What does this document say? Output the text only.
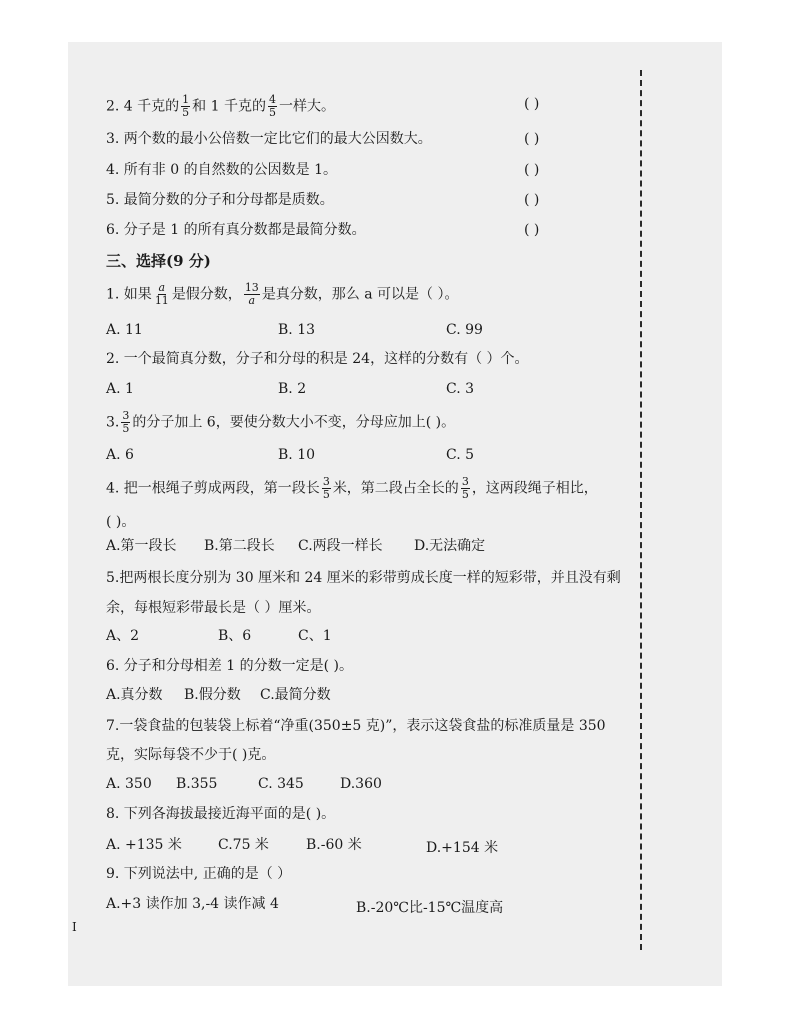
2. 4 千克的 $\frac{1}{5}$ 和 1 千克的 $\frac{4}{5}$ 一样大。	( )
3. 两个数的最小公倍数一定比它们的最大公因数大。	( )
4. 所有非 0 的自然数的公因数是 1。	( )
5. 最简分数的分子和分母都是质数。	( )
6. 分子是 1 的所有真分数都是最简分数。	( )
三、选择(9 分)
1. 如果 $\frac{a}{11}$ 是假分数， $\frac{13}{a}$ 是真分数，那么 a 可以是（ ）。
A. 11	B. 13	C. 99
2. 一个最简真分数，分子和分母的积是 24，这样的分数有（ ）个。
A. 1	B. 2	C. 3
3. $\frac{3}{5}$ 的分子加上 6，要使分数大小不变，分母应加上( )。
A. 6	B. 10	C. 5
4. 把一根绳子剪成两段，第一段长 $\frac{3}{5}$ 米，第二段占全长的 $\frac{3}{5}$ ，这两段绳子相比，
( )。
A.第一段长 B.第二段长 C.两段一样长 D.无法确定
5.把两根长度分别为 30 厘米和 24 厘米的彩带剪成长度一样的短彩带，并且没有剩
余，每根短彩带最长是（ ）厘米。
A、2	B、6	C、1
6. 分子和分母相差 1 的分数一定是( )。
A.真分数 B.假分数 C.最简分数
7.一袋食盐的包装袋上标着“净重(350±5 克)”，表示这袋食盐的标准质量是 350
克，实际每袋不少于( )克。
A. 350 B.355	C. 345	D.360
8. 下列各海拔最接近海平面的是( )。
A. +135 米	C.75 米	B.-60 米	D.+154 米
9. 下列说法中, 正确的是（ ）
A.+3 读作加 3,-4 读作减 4	B.-20℃比-15℃温度高
I
